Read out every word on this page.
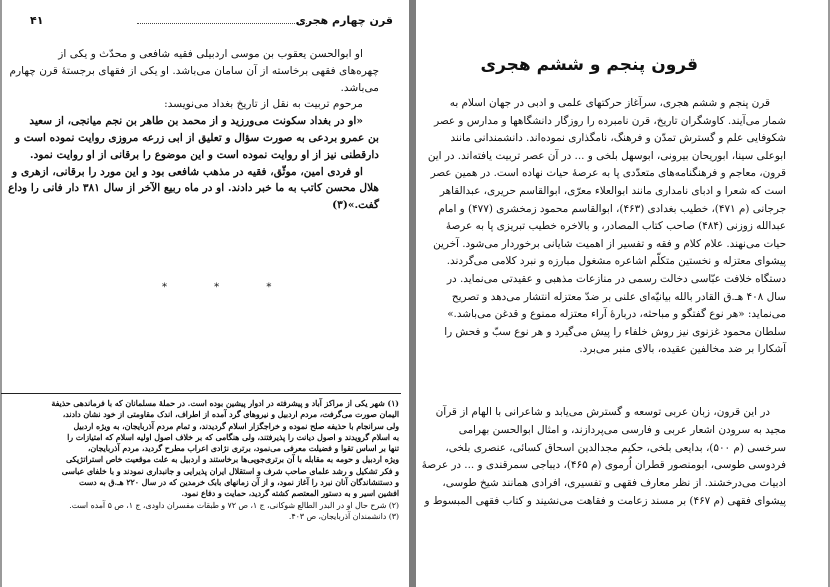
قرن چهارم هجری
۴۱
او ابوالحسن یعقوب بن موسی اردبیلی فقیه شافعی و محدّث و یکی از
چهره‌های فقهی برخاسته از آن سامان می‌باشد. او یکی از فقهای برجستهٔ قرن چهارم
می‌باشد.
مرحوم تربیت به نقل از تاریخ بغداد می‌نویسد:
«او در بغداد سکونت می‌ورزید و از محمد بن طاهر بن نجم میانجی، از سعید
بن عمرو بردعی به صورت سؤال و تعلیق از ابی زرعه مروزی روایت نموده است و
دارقطنی نیز از او روایت نموده است و این موضوع را برقانی از او روایت نمود.
او فردی امین، موثّق، فقیه در مذهب شافعی بود و این مورد را برقانی، ازهری و
هلال محسن کاتب به ما خبر دادند. او در ماه ربیع الآخر از سال ۳۸۱ دار فانی را وداع
گفت.»(۳)
* * *
(۱) شهر یکی از مراکز آباد و پیشرفته در ادوار پیشین بوده است. در حملهٔ مسلمانان که با فرماندهی حذیفة
الیمان صورت می‌گرفت، مردم اردبیل و نیروهای گرد آمده از اطراف، اندک مقاومتی از خود نشان دادند،
ولی سرانجام با حذیفه صلح نموده و خراجگزار اسلام گردیدند، و تمام مردم آذربایجان، به ویژه اردبیل
به اسلام گرویدند و اصول دیانت را پذیرفتند، ولی هنگامی که بر خلاف اصول اولیه اسلام که امتیازات را
تنها بر اساس تقوا و فضیلت معرفی می‌نمود، برتری نژادی اعراب مطرح گردید، مردم آذربایجان،
ویژه اردبیل و حومه به مقابله با آن برتری‌جویی‌ها برخاستند و اردبیل به علت موقعیت خاص استراتژیکی
و فکر تشکیل و رشد علمای صاحب شرف و استقلال ایران پذیرایی و جانبداری نمودند و با خلفای عباسی
و دستنشاندگان آنان نبرد را آغاز نمود، و از آن زمانهای بابک خرمدین که در سال ۲۲۰ هـ.ق به دست
افشین اسیر و به دستور المعتصم کشته گردید، حمایت و دفاع نمود.
(۲) شرح حال او در البدر الطالع شوکانی، ج ۱، ص ۷۲ و طبقات مفسران داودی، ج ۱، ص ۵ آمده است.
(۳) دانشمندان آذربایجان، ص ۴۰۳.
قرون پنجم و ششم هجری
قرن پنجم و ششم هجری، سرآغاز حرکتهای علمی و ادبی در جهان اسلام به
شمار می‌آیند. کاوشگران تاریخ، قرن نامبرده را روزگار دانشگاهها و مدارس و عصر
شکوفایی علم و گسترش تمدّن و فرهنگ، نامگذاری نموده‌اند. دانشمندانی مانند
ابوعلی سینا، ابوریحان بیرونی، ابوسهل بلخی و ... در آن عصر تربیت یافته‌اند. در این
قرون، معاجم و فرهنگنامه‌های متعدّدی پا به عرصهٔ حیات نهاده است. در همین عصر
است که شعرا و ادبای نامداری مانند ابوالعلاء معرّی، ابوالقاسم حریری، عبدالقاهر
جرجانی (م ۴۷۱)، خطیب بغدادی (۴۶۳)، ابوالقاسم محمود زمخشری (۴۷۷) و امام
عبدالله زوزنی (۴۸۴) صاحب کتاب المصادر، و بالاخره خطیب تبریزی پا به عرصهٔ
حیات می‌نهند. علام کلام و فقه و تفسیر از اهمیت شایانی برخوردار می‌شود. آخرین
پیشوای معتزله و نخستین متکلّم اشاعره مشغول مبارزه و نبرد کلامی می‌گردند.
دستگاه خلافت عبّاسی دخالت رسمی در منازعات مذهبی و عقیدتی می‌نماید. در
سال ۴۰۸ هـ.ق القادر بالله بیانیّه‌ای علنی بر ضدّ معتزله انتشار می‌دهد و تصریح
می‌نماید: «هر نوع گفتگو و مباحثه، دربارهٔ آراء معتزله ممنوع و قدغن می‌باشد.»
سلطان محمود غزنوی نیز روش خلفاء را پیش می‌گیرد و هر نوع سبّ و فحش را
آشکارا بر ضد مخالفین عقیده، بالای منبر می‌برد.
در این قرون، زبان عربی توسعه و گسترش می‌یابد و شاعرانی با الهام از قرآن
مجید به سرودن اشعار عربی و فارسی می‌پردازند، و امثال ابوالحسن بهرامی
سرخسی (م ۵۰۰)، بدایعی بلخی، حکیم مجدالدین اسحاق کسائی، عنصری بلخی،
فردوسی طوسی، ابومنصور قطران اُرموی (م ۴۶۵)، دیباجی سمرقندی و ... در عرصهٔ
ادبیات می‌درخشند. از نظر معارف فقهی و تفسیری، افرادی همانند شیخ طوسی،
پیشوای فقهی (م ۴۶۷) بر مسند زعامت و فقاهت می‌نشیند و کتاب فقهی المبسوط و
